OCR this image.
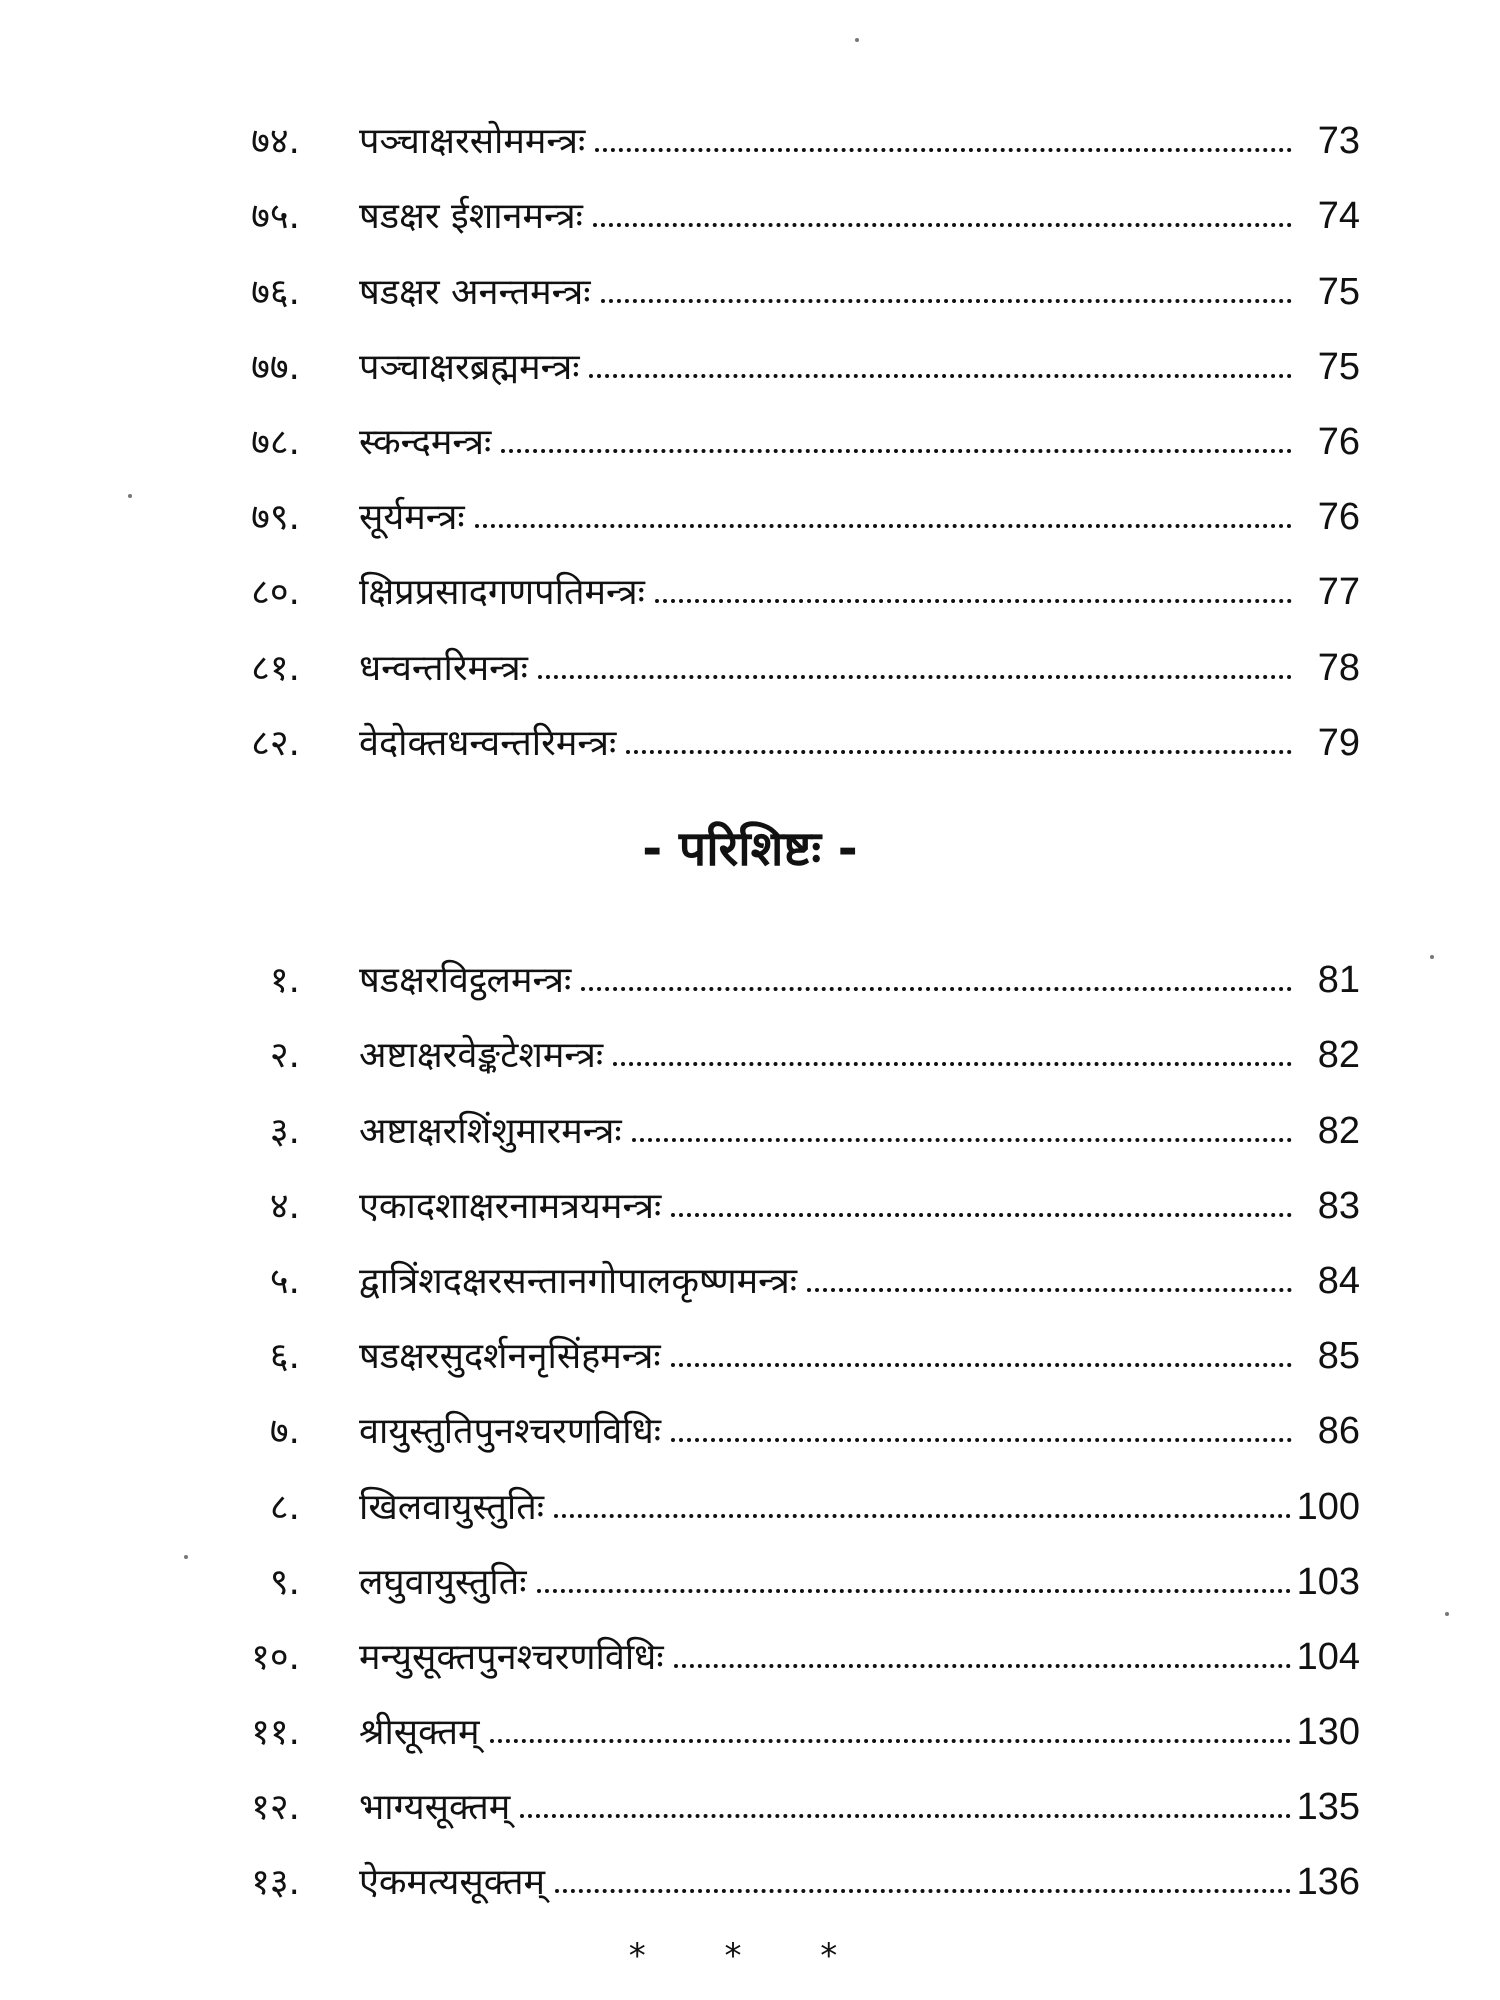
७४. पञ्चाक्षरसोममन्त्रः	73
७५. षडक्षर ईशानमन्त्रः	74
७६. षडक्षर अनन्तमन्त्रः	75
७७. पञ्चाक्षरब्रह्ममन्त्रः	75
७८. स्कन्दमन्त्रः	76
७९. सूर्यमन्त्रः	76
८०. क्षिप्रप्रसादगणपतिमन्त्रः	77
८१. धन्वन्तरिमन्त्रः	78
८२. वेदोक्तधन्वन्तरिमन्त्रः	79
- परिशिष्टः -
१. षडक्षरविट्ठलमन्त्रः	81
२. अष्टाक्षरवेङ्कटेशमन्त्रः	82
३. अष्टाक्षरशिंशुमारमन्त्रः	82
४. एकादशाक्षरनामत्रयमन्त्रः	83
५. द्वात्रिंशदक्षरसन्तानगोपालकृष्णमन्त्रः	84
६. षडक्षरसुदर्शननृसिंहमन्त्रः	85
७. वायुस्तुतिपुनश्चरणविधिः	86
८. खिलवायुस्तुतिः	100
९. लघुवायुस्तुतिः	103
१०. मन्युसूक्तपुनश्चरणविधिः	104
११. श्रीसूक्तम्	130
१२. भाग्यसूक्तम्	135
१३. ऐकमत्यसूक्तम्	136
* * *
